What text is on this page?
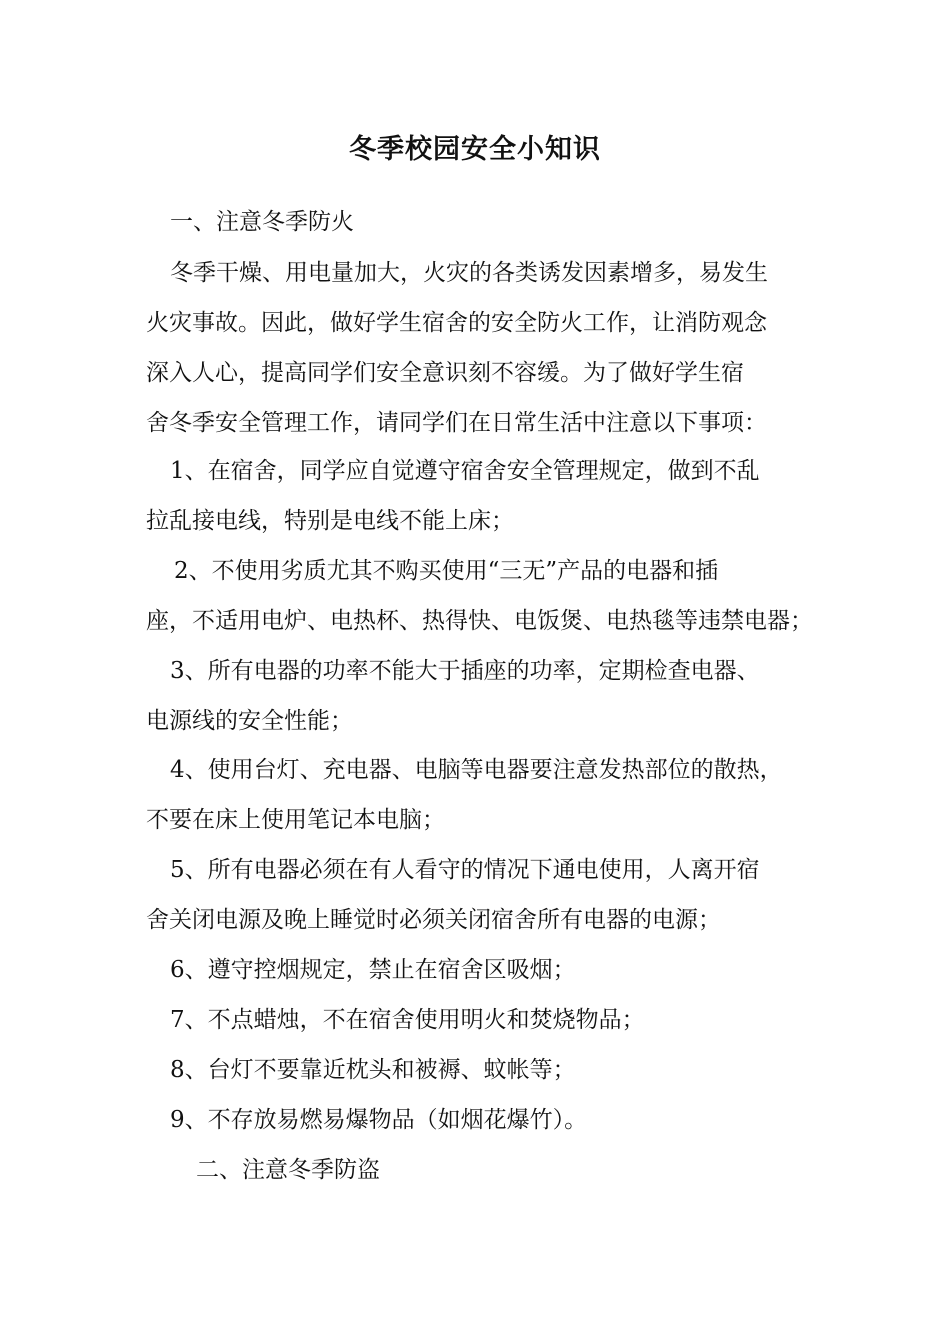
冬季校园安全小知识
一、注意冬季防火
冬季干燥、用电量加大，火灾的各类诱发因素增多，易发生
火灾事故。因此，做好学生宿舍的安全防火工作，让消防观念
深入人心，提高同学们安全意识刻不容缓。为了做好学生宿
舍冬季安全管理工作，请同学们在日常生活中注意以下事项：
1、在宿舍，同学应自觉遵守宿舍安全管理规定，做到不乱
拉乱接电线，特别是电线不能上床；
2、不使用劣质尤其不购买使用“三无”产品的电器和插
座，不适用电炉、电热杯、热得快、电饭煲、电热毯等违禁电器；
3、所有电器的功率不能大于插座的功率，定期检查电器、
电源线的安全性能；
4、使用台灯、充电器、电脑等电器要注意发热部位的散热，
不要在床上使用笔记本电脑；
5、所有电器必须在有人看守的情况下通电使用，人离开宿
舍关闭电源及晚上睡觉时必须关闭宿舍所有电器的电源；
6、遵守控烟规定，禁止在宿舍区吸烟；
7、不点蜡烛，不在宿舍使用明火和焚烧物品；
8、台灯不要靠近枕头和被褥、蚊帐等；
9、不存放易燃易爆物品（如烟花爆竹）。
二、注意冬季防盗
